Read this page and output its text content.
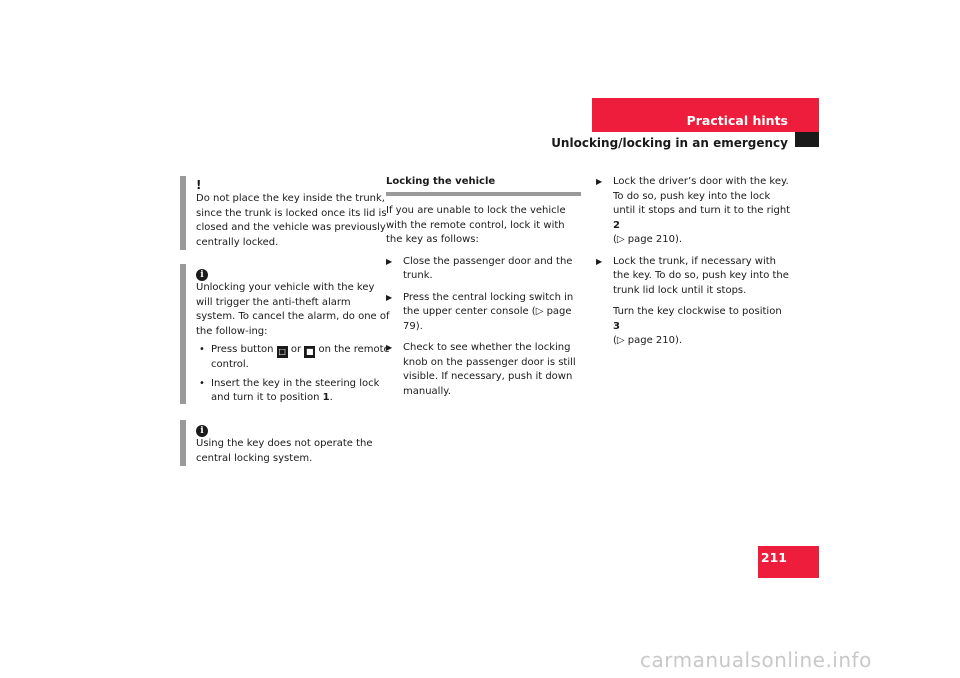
Practical hints
Unlocking/locking in an emergency
!

Do not place the key inside the trunk, since the trunk is locked once its lid is closed and the vehicle was previously centrally locked.

i

Unlocking your vehicle with the key will trigger the anti-theft alarm system. To cancel the alarm, do one of the follow-ing:

• Press button □ or ■ on the remote control.
• Insert the key in the steering lock and turn it to position 1.
i

Using the key does not operate the central locking system.

Locking the vehicle

If you are unable to lock the vehicle with the remote control, lock it with the key as follows:

▶ Close the passenger door and the trunk.
▶ Press the central locking switch in the upper center console (▷ page 79).
▶ Check to see whether the locking knob on the passenger door is still visible. If necessary, push it down manually.
▶ Lock the driver’s door with the key. To do so, push key into the lock until it stops and turn it to the right 2
(▷ page 210).
▶ Lock the trunk, if necessary with the key. To do so, push key into the trunk lid lock until it stops.
Turn the key clockwise to position 3
(▷ page 210).
211
carmanualsonline.info
